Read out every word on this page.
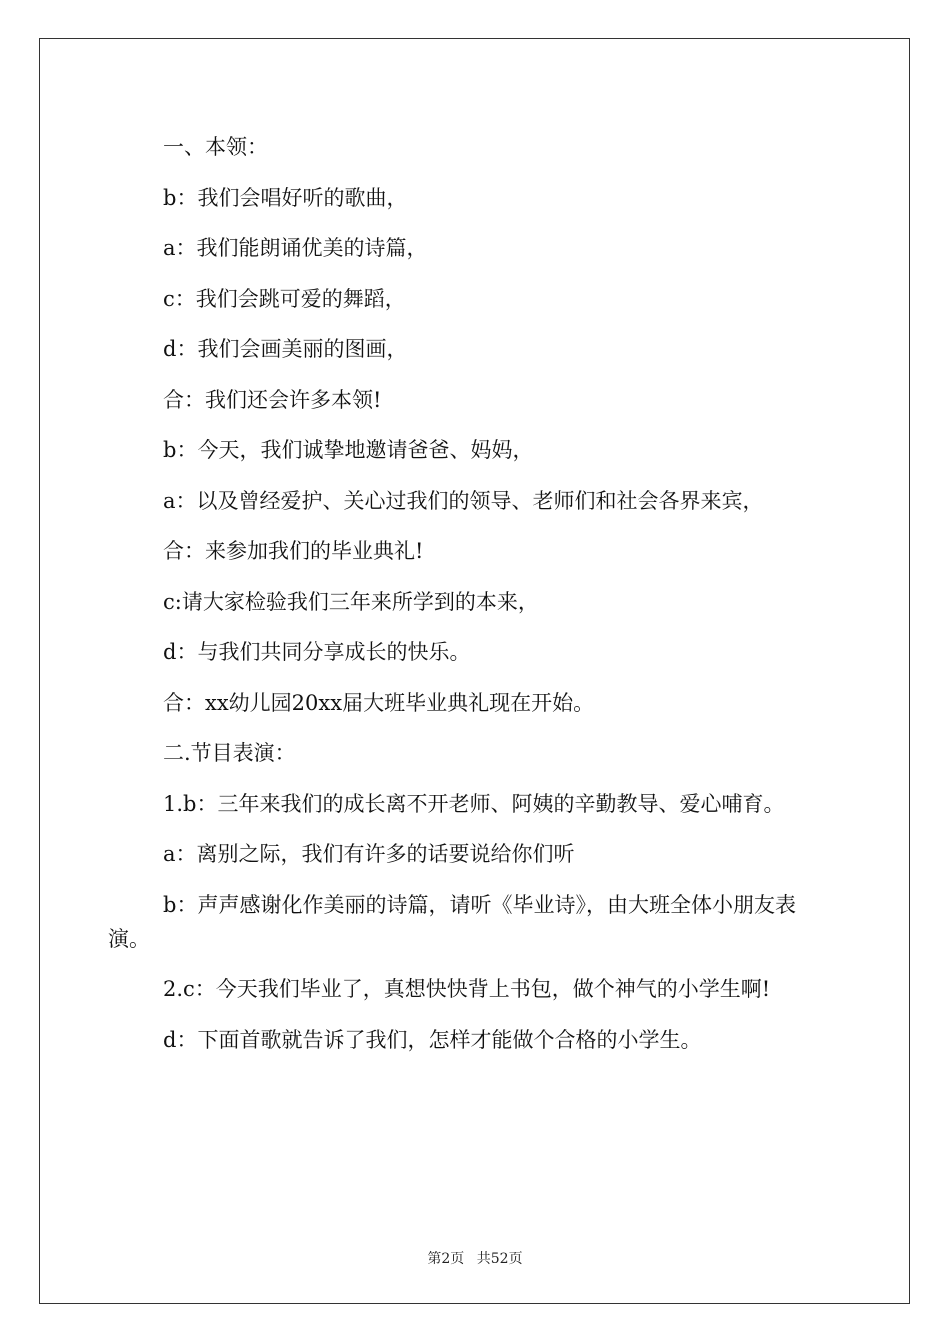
一、本领：

b：我们会唱好听的歌曲，

a：我们能朗诵优美的诗篇，

c：我们会跳可爱的舞蹈，

d：我们会画美丽的图画，

合：我们还会许多本领!

b：今天，我们诚挚地邀请爸爸、妈妈，

a：以及曾经爱护、关心过我们的领导、老师们和社会各界来宾，

合：来参加我们的毕业典礼!

c:请大家检验我们三年来所学到的本来，

d：与我们共同分享成长的快乐。

合：xx幼儿园20xx届大班毕业典礼现在开始。

二.节目表演：

1.b：三年来我们的成长离不开老师、阿姨的辛勤教导、爱心哺育。

a：离别之际，我们有许多的话要说给你们听

b：声声感谢化作美丽的诗篇，请听《毕业诗》，由大班全体小朋友表演。

2.c：今天我们毕业了，真想快快背上书包，做个神气的小学生啊!

d：下面首歌就告诉了我们，怎样才能做个合格的小学生。

第2页 共52页
